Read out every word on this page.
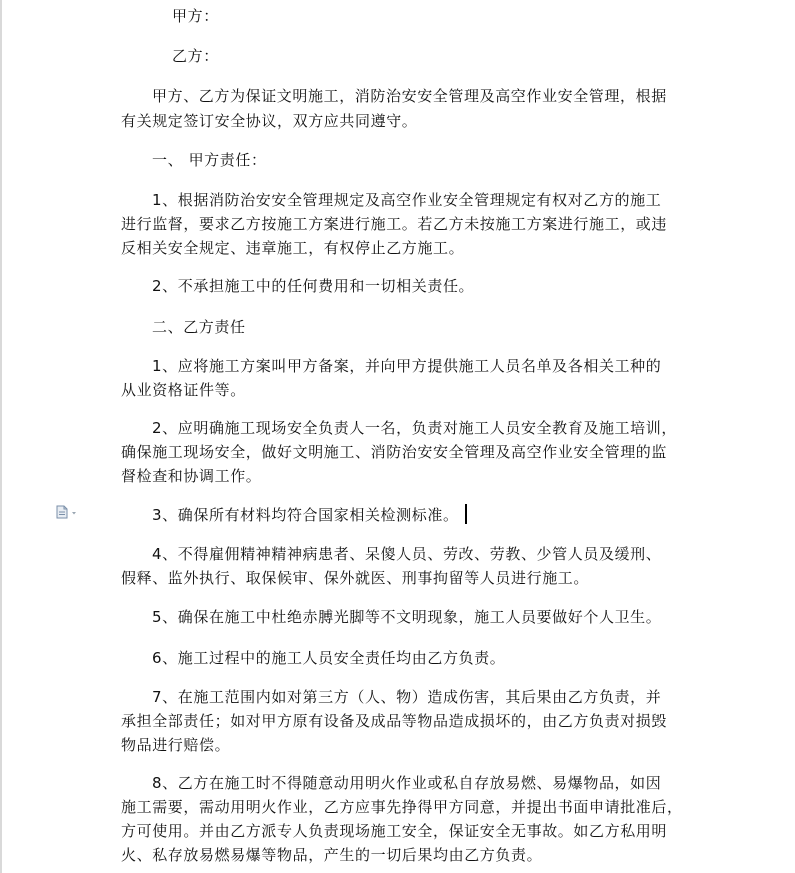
甲方：
乙方：
甲方、乙方为保证文明施工，消防治安安全管理及高空作业安全管理，根据
有关规定签订安全协议，双方应共同遵守。
一、 甲方责任：
1、根据消防治安安全管理规定及高空作业安全管理规定有权对乙方的施工
进行监督，要求乙方按施工方案进行施工。若乙方未按施工方案进行施工，或违
反相关安全规定、违章施工，有权停止乙方施工。
2、不承担施工中的任何费用和一切相关责任。
二、乙方责任
1、应将施工方案叫甲方备案，并向甲方提供施工人员名单及各相关工种的
从业资格证件等。
2、应明确施工现场安全负责人一名，负责对施工人员安全教育及施工培训，
确保施工现场安全，做好文明施工、消防治安安全管理及高空作业安全管理的监
督检查和协调工作。
3、确保所有材料均符合国家相关检测标准。
4、不得雇佣精神精神病患者、呆傻人员、劳改、劳教、少管人员及缓刑、
假释、监外执行、取保候审、保外就医、刑事拘留等人员进行施工。
5、确保在施工中杜绝赤膊光脚等不文明现象，施工人员要做好个人卫生。
6、施工过程中的施工人员安全责任均由乙方负责。
7、在施工范围内如对第三方（人、物）造成伤害，其后果由乙方负责，并
承担全部责任；如对甲方原有设备及成品等物品造成损坏的，由乙方负责对损毁
物品进行赔偿。
8、乙方在施工时不得随意动用明火作业或私自存放易燃、易爆物品，如因
施工需要，需动用明火作业，乙方应事先挣得甲方同意，并提出书面申请批准后，
方可使用。并由乙方派专人负责现场施工安全，保证安全无事故。如乙方私用明
火、私存放易燃易爆等物品，产生的一切后果均由乙方负责。
